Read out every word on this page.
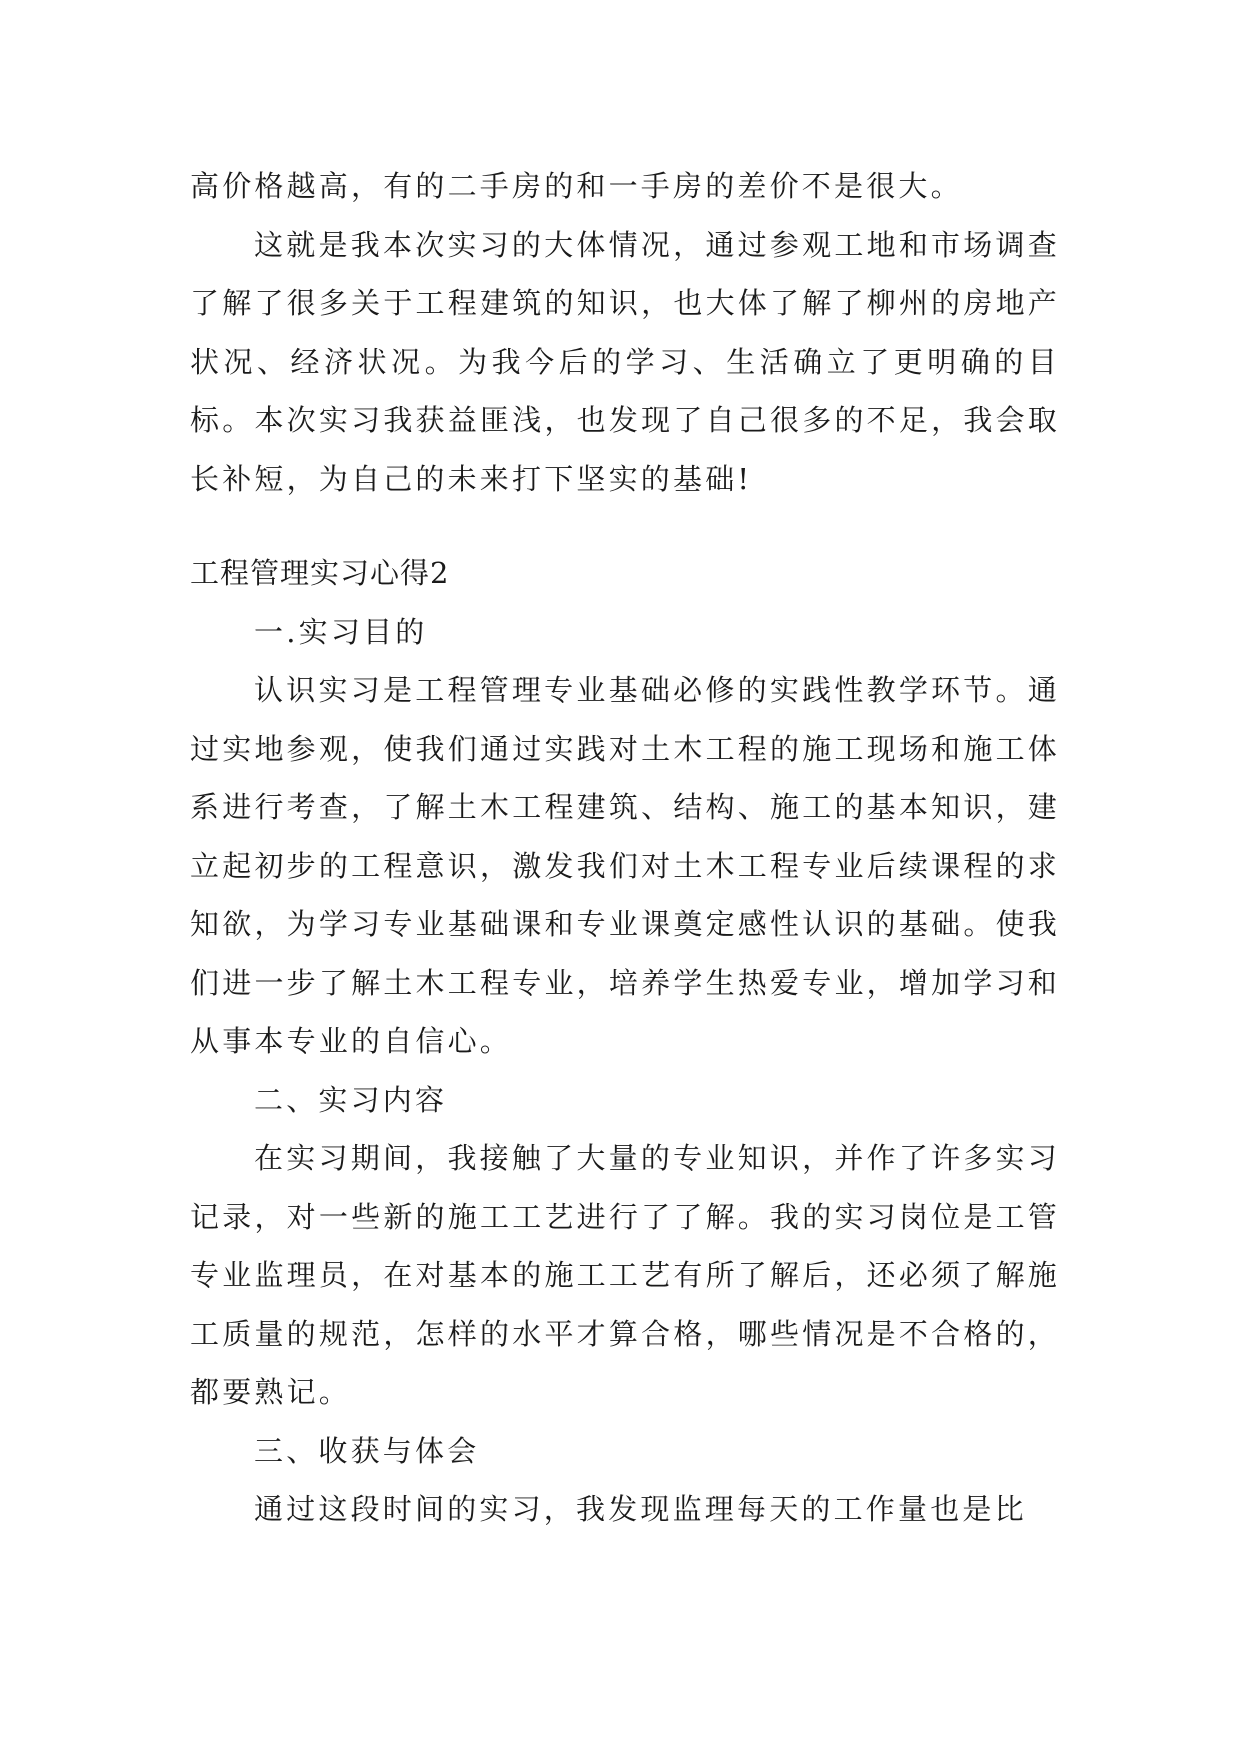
高价格越高，有的二手房的和一手房的差价不是很大。

这就是我本次实习的大体情况，通过参观工地和市场调查了解了很多关于工程建筑的知识，也大体了解了柳州的房地产状况、经济状况。为我今后的学习、生活确立了更明确的目标。本次实习我获益匪浅，也发现了自己很多的不足，我会取长补短，为自己的未来打下坚实的基础!

工程管理实习心得2

一.实习目的

认识实习是工程管理专业基础必修的实践性教学环节。通过实地参观，使我们通过实践对土木工程的施工现场和施工体系进行考查，了解土木工程建筑、结构、施工的基本知识，建立起初步的工程意识，激发我们对土木工程专业后续课程的求知欲，为学习专业基础课和专业课奠定感性认识的基础。使我们进一步了解土木工程专业，培养学生热爱专业，增加学习和从事本专业的自信心。

二、实习内容

在实习期间，我接触了大量的专业知识，并作了许多实习记录，对一些新的施工工艺进行了了解。我的实习岗位是工管专业监理员，在对基本的施工工艺有所了解后，还必须了解施工质量的规范，怎样的水平才算合格，哪些情况是不合格的，都要熟记。

三、收获与体会

通过这段时间的实习，我发现监理每天的工作量也是比
